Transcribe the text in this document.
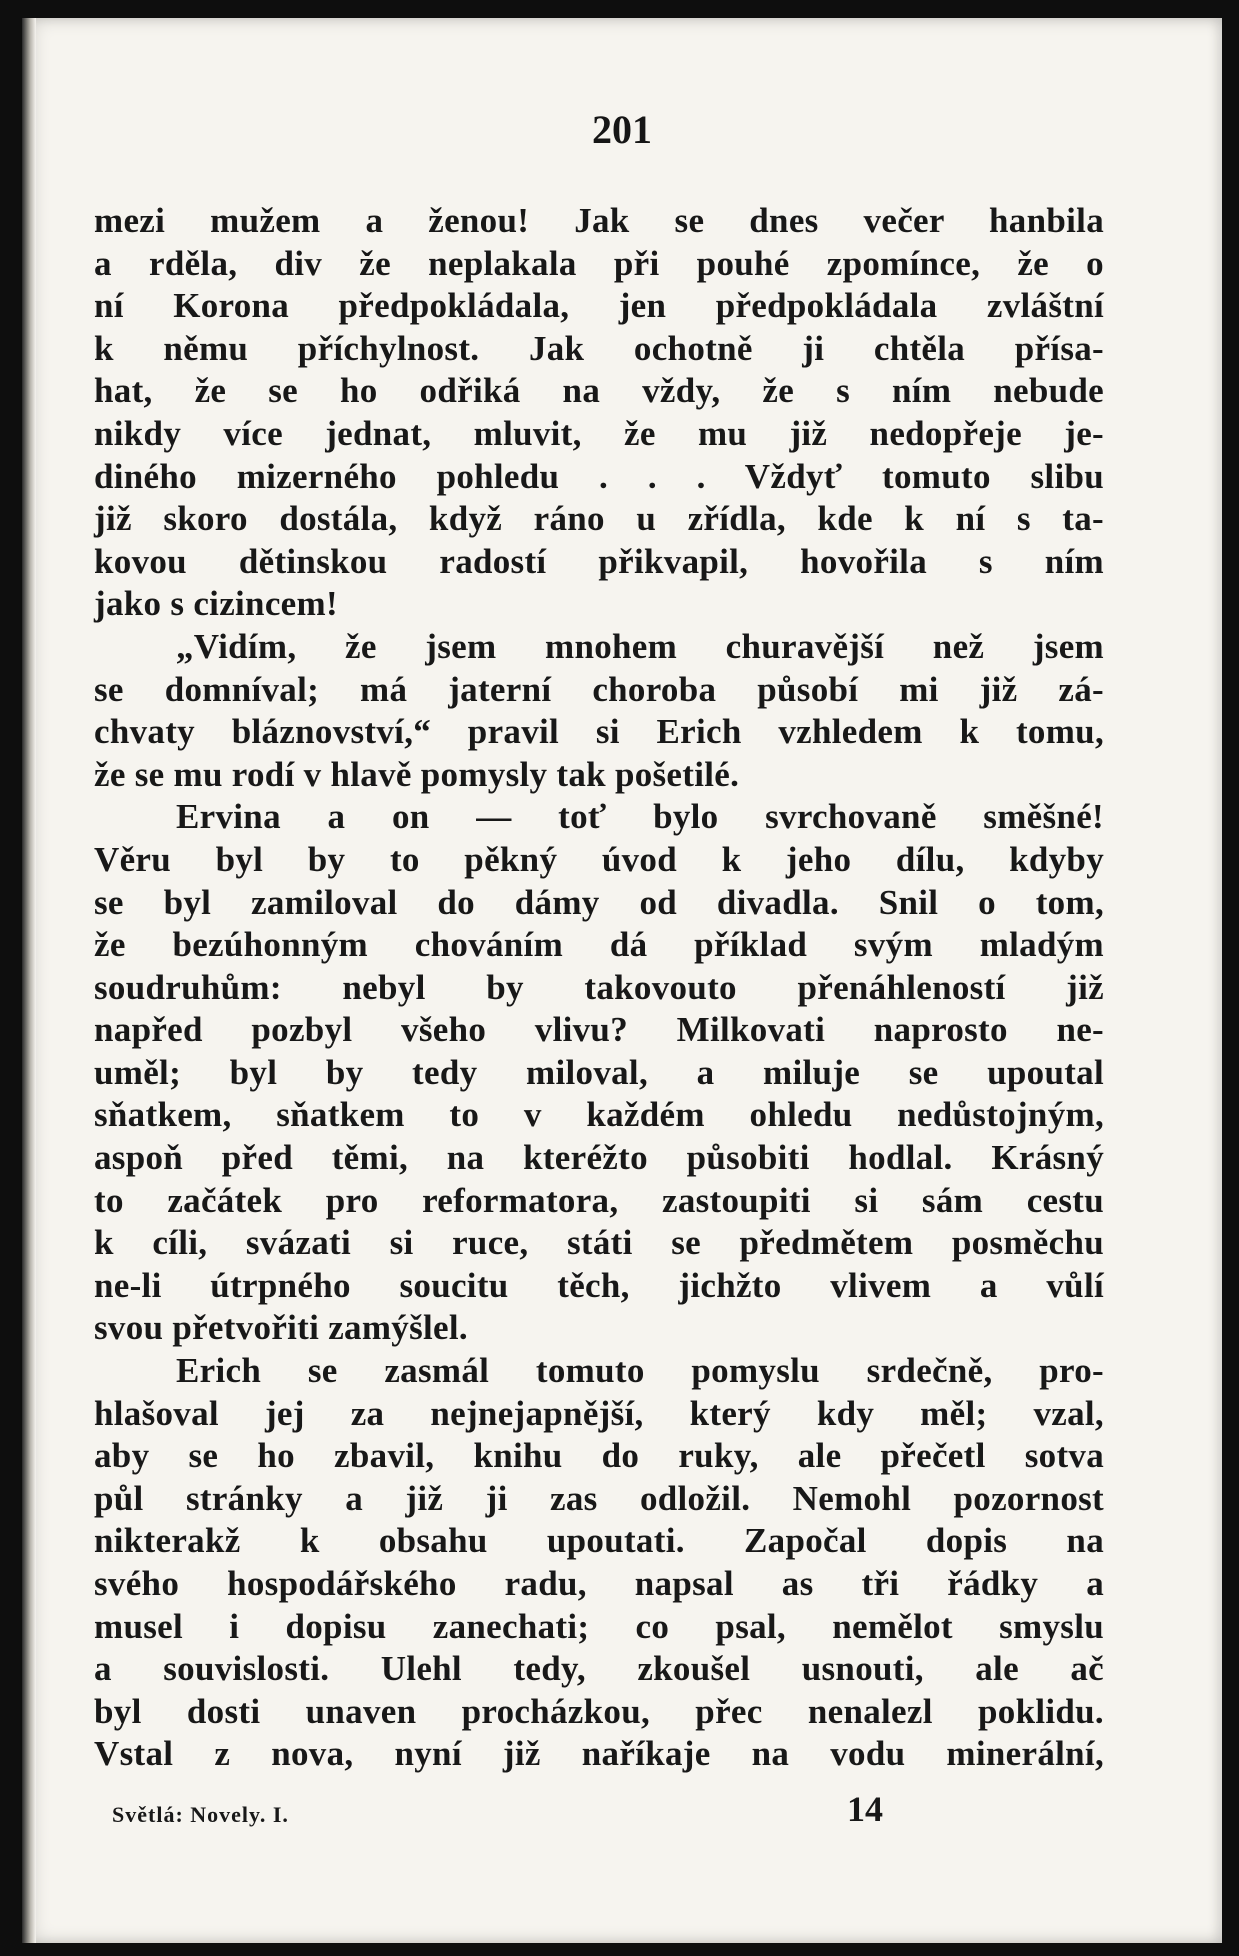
201
mezi mužem a ženou! Jak se dnes večer hanbila
a rděla, div že neplakala při pouhé zpomínce, že o
ní Korona předpokládala, jen předpokládala zvláštní
k němu příchylnost. Jak ochotně ji chtěla přísa-
hat, že se ho odřiká na vždy, že s ním nebude
nikdy více jednat, mluvit, že mu již nedopřeje je-
diného mizerného pohledu . . . Vždyť tomuto slibu
již skoro dostála, když ráno u zřídla, kde k ní s ta-
kovou dětinskou radostí přikvapil, hovořila s ním
jako s cizincem!
„Vidím, že jsem mnohem churavější než jsem
se domníval; má jaterní choroba působí mi již zá-
chvaty bláznovství,“ pravil si Erich vzhledem k tomu,
že se mu rodí v hlavě pomysly tak pošetilé.
Ervina a on — toť bylo svrchovaně směšné!
Věru byl by to pěkný úvod k jeho dílu, kdyby
se byl zamiloval do dámy od divadla. Snil o tom,
že bezúhonným chováním dá příklad svým mladým
soudruhům: nebyl by takovouto přenáhleností již
napřed pozbyl všeho vlivu? Milkovati naprosto ne-
uměl; byl by tedy miloval, a miluje se upoutal
sňatkem, sňatkem to v každém ohledu nedůstojným,
aspoň před těmi, na kteréžto působiti hodlal. Krásný
to začátek pro reformatora, zastoupiti si sám cestu
k cíli, svázati si ruce, státi se předmětem posměchu
ne-li útrpného soucitu těch, jichžto vlivem a vůlí
svou přetvořiti zamýšlel.
Erich se zasmál tomuto pomyslu srdečně, pro-
hlašoval jej za nejnejapnější, který kdy měl; vzal,
aby se ho zbavil, knihu do ruky, ale přečetl sotva
půl stránky a již ji zas odložil. Nemohl pozornost
nikterakž k obsahu upoutati. Započal dopis na
svého hospodářského radu, napsal as tři řádky a
musel i dopisu zanechati; co psal, nemělot smyslu
a souvislosti. Ulehl tedy, zkoušel usnouti, ale ač
byl dosti unaven procházkou, přec nenalezl poklidu.
Vstal z nova, nyní již naříkaje na vodu minerální,
Světlá: Novely. I.	14
